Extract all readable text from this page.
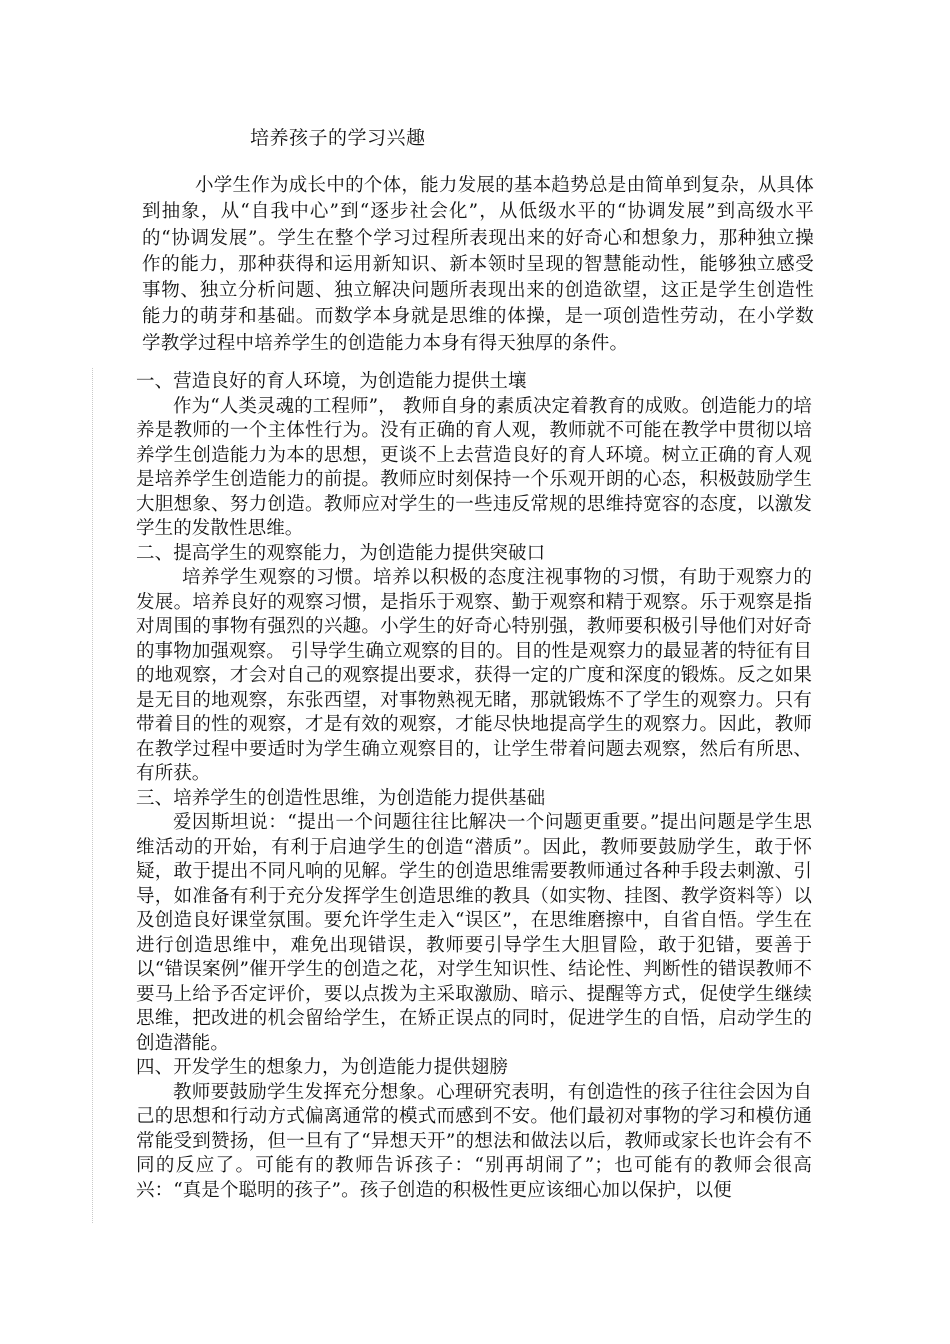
培养孩子的学习兴趣

小学生作为成长中的个体，能力发展的基本趋势总是由简单到复杂，从具体到抽象，从“自我中心”到“逐步社会化”，从低级水平的“协调发展”到高级水平的“协调发展”。学生在整个学习过程所表现出来的好奇心和想象力，那种独立操作的能力，那种获得和运用新知识、新本领时呈现的智慧能动性，能够独立感受事物、独立分析问题、独立解决问题所表现出来的创造欲望，这正是学生创造性能力的萌芽和基础。而数学本身就是思维的体操，是一项创造性劳动，在小学数学教学过程中培养学生的创造能力本身有得天独厚的条件。

一、营造良好的育人环境，为创造能力提供土壤

作为“人类灵魂的工程师”， 教师自身的素质决定着教育的成败。创造能力的培养是教师的一个主体性行为。没有正确的育人观，教师就不可能在教学中贯彻以培养学生创造能力为本的思想，更谈不上去营造良好的育人环境。树立正确的育人观是培养学生创造能力的前提。教师应时刻保持一个乐观开朗的心态，积极鼓励学生大胆想象、努力创造。教师应对学生的一些违反常规的思维持宽容的态度，以激发学生的发散性思维。

二、提高学生的观察能力，为创造能力提供突破口

培养学生观察的习惯。培养以积极的态度注视事物的习惯，有助于观察力的发展。培养良好的观察习惯，是指乐于观察、勤于观察和精于观察。乐于观察是指对周围的事物有强烈的兴趣。小学生的好奇心特别强，教师要积极引导他们对好奇的事物加强观察。 引导学生确立观察的目的。目的性是观察力的最显著的特征有目的地观察，才会对自己的观察提出要求，获得一定的广度和深度的锻炼。反之如果是无目的地观察，东张西望，对事物熟视无睹，那就锻炼不了学生的观察力。只有带着目的性的观察，才是有效的观察，才能尽快地提高学生的观察力。因此，教师在教学过程中要适时为学生确立观察目的，让学生带着问题去观察，然后有所思、有所获。

三、培养学生的创造性思维，为创造能力提供基础

爱因斯坦说：“提出一个问题往往比解决一个问题更重要。”提出问题是学生思维活动的开始，有利于启迪学生的创造“潜质”。因此，教师要鼓励学生，敢于怀疑，敢于提出不同凡响的见解。学生的创造思维需要教师通过各种手段去刺激、引导，如准备有利于充分发挥学生创造思维的教具（如实物、挂图、教学资料等）以及创造良好课堂氛围。要允许学生走入“误区”，在思维磨擦中，自省自悟。学生在进行创造思维中，难免出现错误，教师要引导学生大胆冒险，敢于犯错，要善于以“错误案例”催开学生的创造之花，对学生知识性、结论性、判断性的错误教师不要马上给予否定评价，要以点拨为主采取激励、暗示、提醒等方式，促使学生继续思维，把改进的机会留给学生，在矫正误点的同时，促进学生的自悟，启动学生的创造潜能。

四、开发学生的想象力，为创造能力提供翅膀

教师要鼓励学生发挥充分想象。心理研究表明，有创造性的孩子往往会因为自己的思想和行动方式偏离通常的模式而感到不安。他们最初对事物的学习和模仿通常能受到赞扬，但一旦有了“异想天开”的想法和做法以后，教师或家长也许会有不同的反应了。可能有的教师告诉孩子：“别再胡闹了”；也可能有的教师会很高兴：“真是个聪明的孩子”。孩子创造的积极性更应该细心加以保护，以便
